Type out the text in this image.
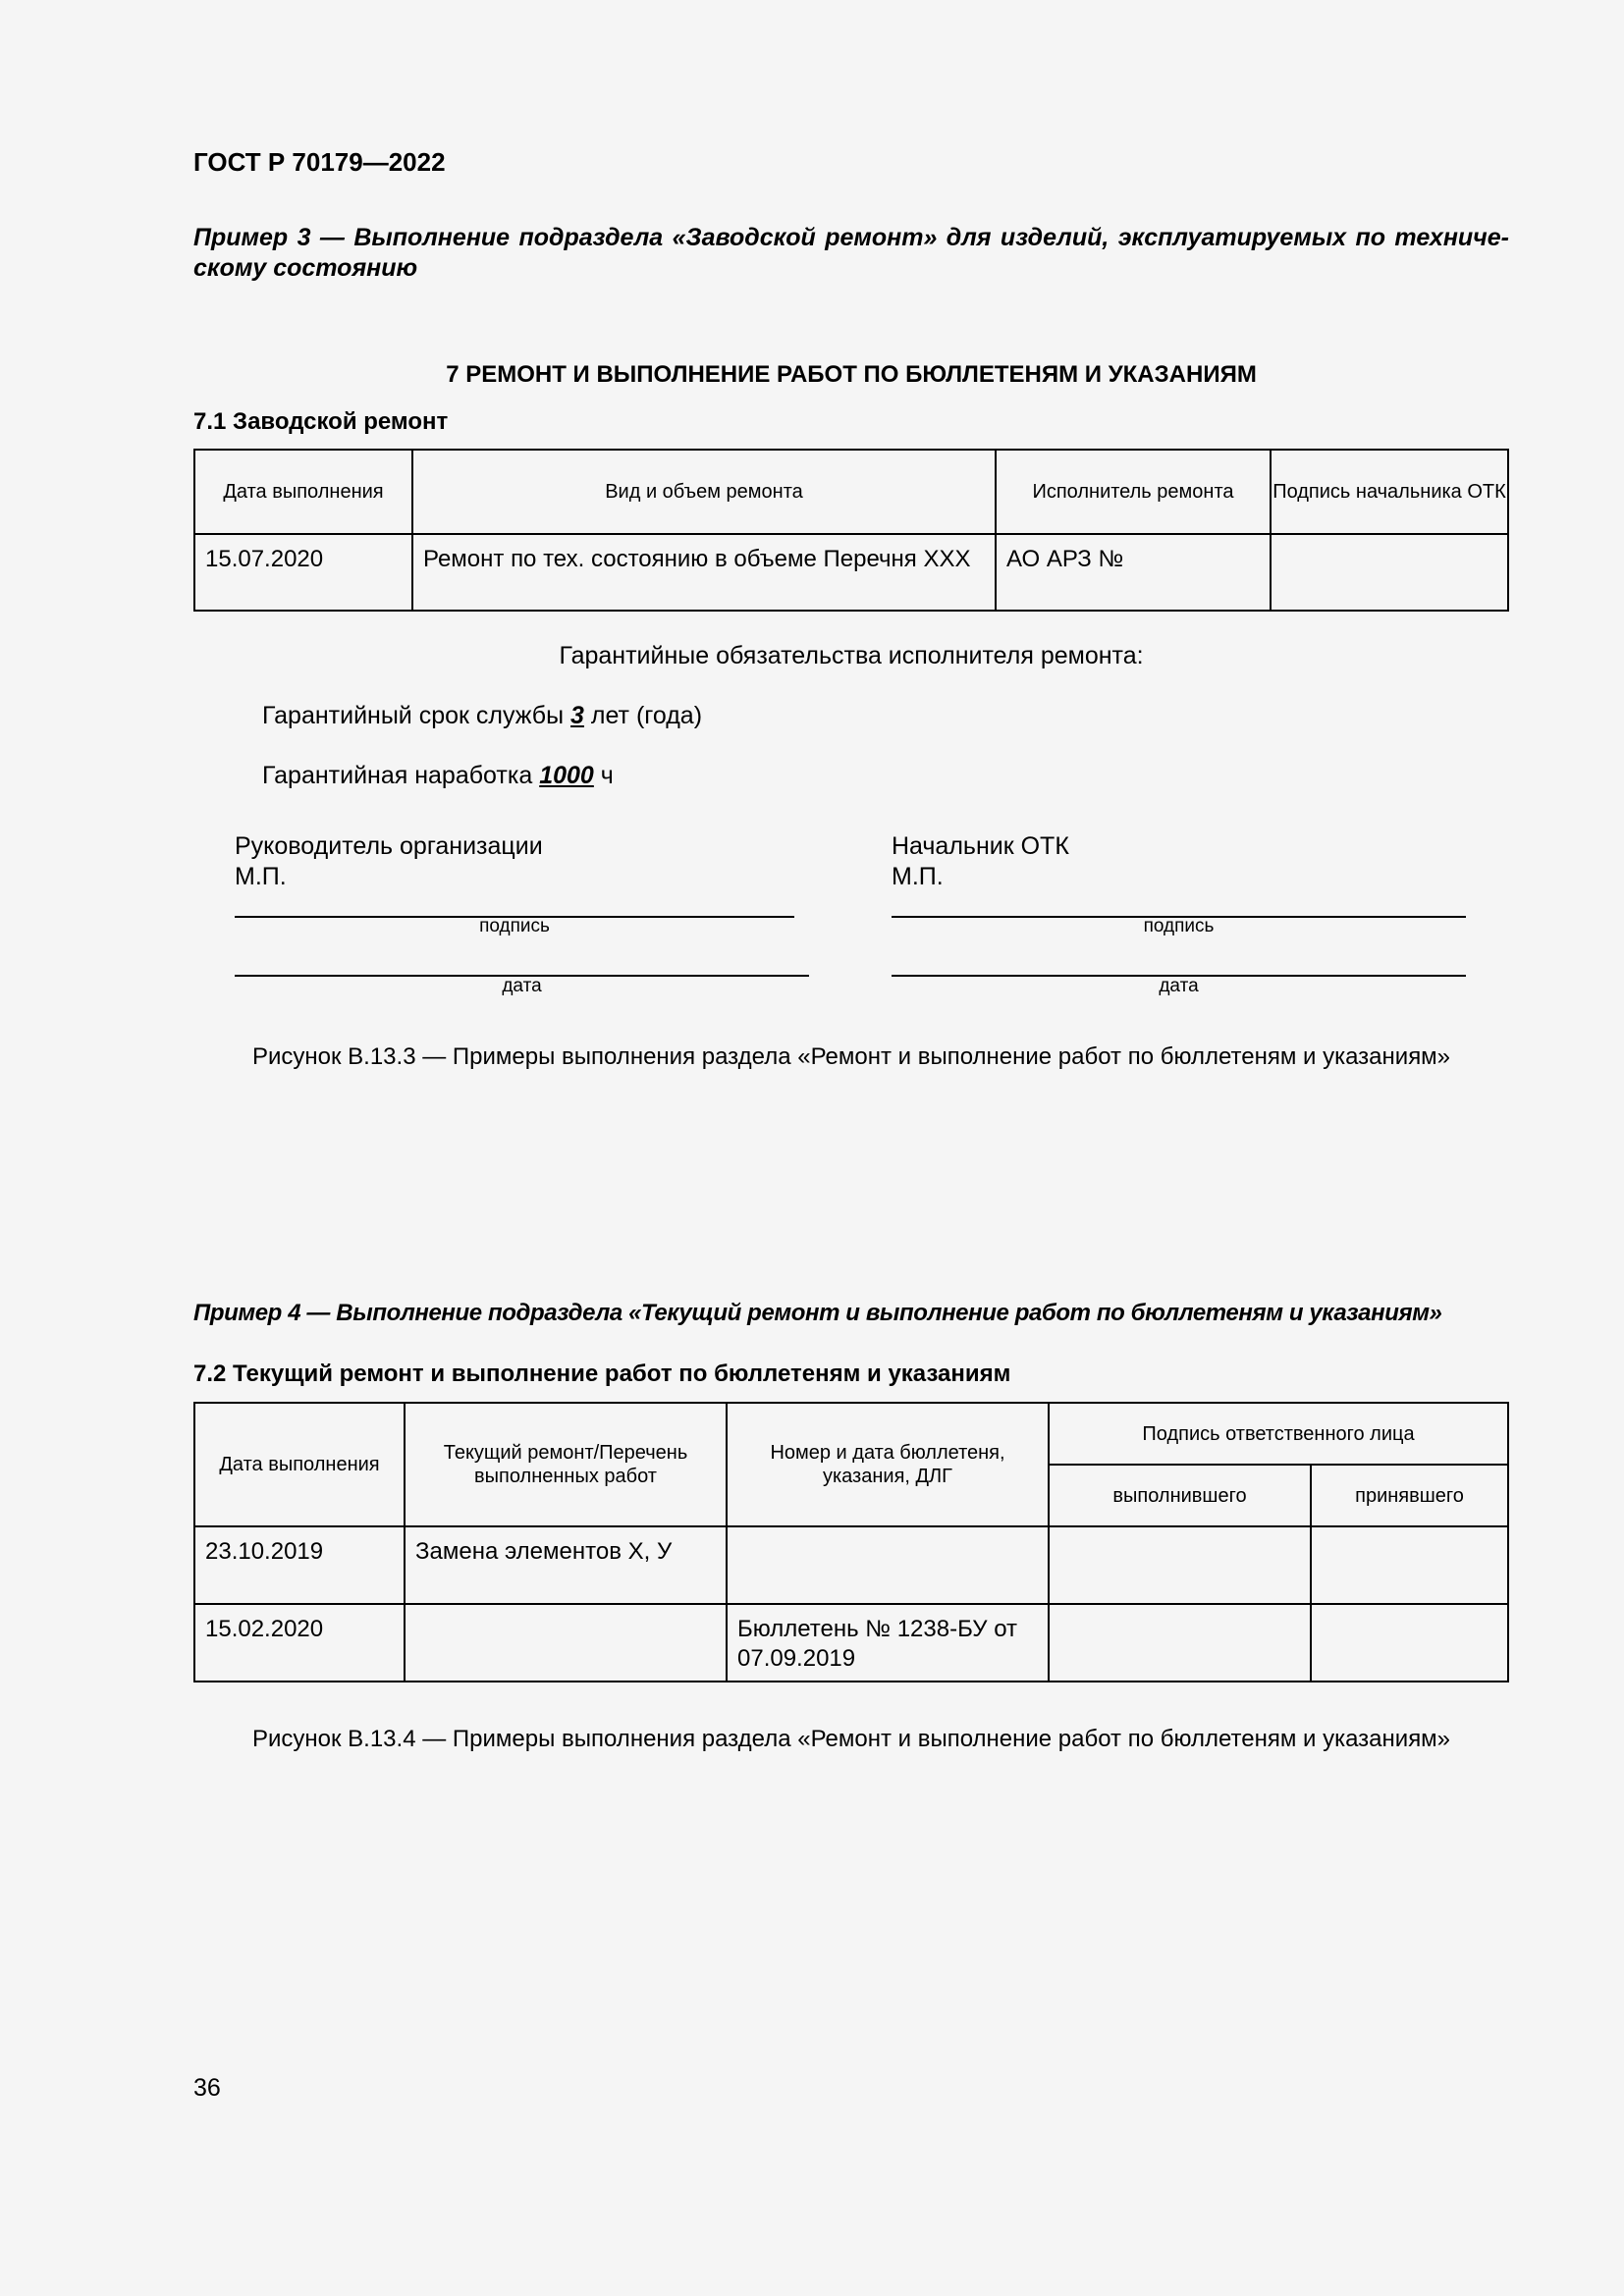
ГОСТ Р 70179—2022
Пример 3 — Выполнение подраздела «Заводской ремонт» для изделий, эксплуатируемых по техниче-скому состоянию
7 РЕМОНТ И ВЫПОЛНЕНИЕ РАБОТ ПО БЮЛЛЕТЕНЯМ И УКАЗАНИЯМ
7.1 Заводской ремонт
Дата выполнения	Вид и объем ремонта	Исполнитель ремонта	Подпись начальника ОТК
15.07.2020	Ремонт по тех. состоянию в объеме Перечня XXX	АО АРЗ №	
Гарантийные обязательства исполнителя ремонта:
Гарантийный срок службы 3 лет (года)
Гарантийная наработка 1000 ч
Руководитель организации
М.П.
подпись
дата
Начальник ОТК
М.П.
подпись
дата
Рисунок В.13.3 — Примеры выполнения раздела «Ремонт и выполнение работ по бюллетеням и указаниям»
Пример 4 — Выполнение подраздела «Текущий ремонт и выполнение работ по бюллетеням и указаниям»
7.2 Текущий ремонт и выполнение работ по бюллетеням и указаниям
Дата выполнения	Текущий ремонт/Перечень выполненных работ	Номер и дата бюллетеня, указания, ДЛГ	Подпись ответственного лица	
			выполнившего	принявшего
23.10.2019	Замена элементов Х, У			
15.02.2020		Бюллетень № 1238-БУ от 07.09.2019		
Рисунок В.13.4 — Примеры выполнения раздела «Ремонт и выполнение работ по бюллетеням и указаниям»
36
